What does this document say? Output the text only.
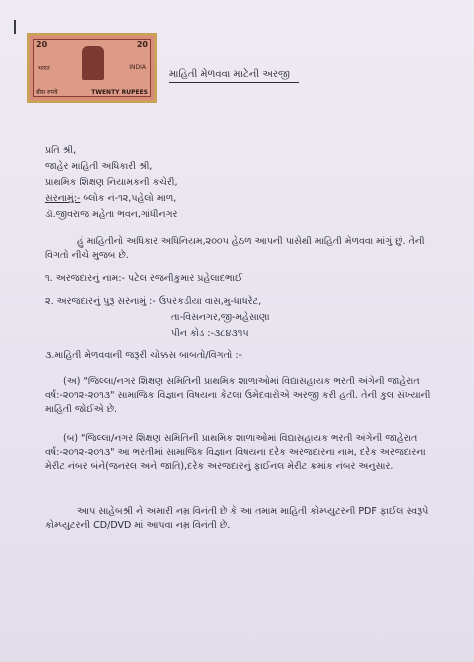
20	20
भारत	INDIA
बीस रुपये	TWENTY RUPEES
માહિતી મેળવવા માટેની અરજી
પ્રતિ શ્રી,
જાહેર માહિતી અધિકારી શ્રી,
પ્રાથમિક શિક્ષણ નિયામકની કચેરી,
સરનામું:- બ્લોક નં-૧૨,પહેલો માળ,
ડૉ.જીવરાજ મહેતા ભવન,ગાંધીનગર
હું માહિતીનો અધિકાર અધિનિયમ,૨૦૦૫ હેઠળ આપની પાસેથી માહિતી મેળવવા માંગું છું. તેની વિગતો નીચે મુજબ છે.
૧. અરજદારનું નામ:- પટેલ રજનીકુમાર પ્રહેલાદભાઈ
૨. અરજદારનું પુરૂ સરનામું :- ઉપરકડીયા વાસ,મુ-ધાધરેટ,
તા-વિસનગર,જી-મહેસાણા
પીન કોડ :-૩૮૪૩૧૫
૩.માહિતી મેળવવાની જરૂરી ચોક્કસ બાબતો/વિગતો :-
(અ) "જિલ્લા/નગર શિક્ષણ સમિતિની પ્રાથમિક શાળાઓમાં વિદ્યાસહાયક ભરતી અંગેની જાહેરાત વર્ષ:-૨૦૧૨-૨૦૧૩" સામાજિક વિજ્ઞાન વિષયના કેટલા ઉમેદવારોએ અરજી કરી હતી. તેની કુલ સંખ્યાની માહિતી જોઈએ છે.
(બ) "જિલ્લા/નગર શિક્ષણ સમિતિની પ્રાથમિક શાળાઓમાં વિદ્યાસહાયક ભરતી અંગેની જાહેરાત વર્ષ:-૨૦૧૨-૨૦૧૩" આ ભરતીમાં સામાજિક વિજ્ઞાન વિષયના દરેક અરજદારના નામ, દરેક અરજદારના મેરીટ નંબર બંને(જનરલ અને જાતિ),દરેક અરજદારનું ફાઈનલ મેરીટ ક્રમાંક નંબર અનુસાર.
આપ સાહેબશ્રી ને અમારી નમ્ર વિનંતી છે કે આ તમામ માહિતી કોમ્પ્યુટરની PDF ફાઈલ સ્વરૂપે કોમ્પ્યુટરની CD/DVD માં આપવા નમ્ર વિનંતી છે.
